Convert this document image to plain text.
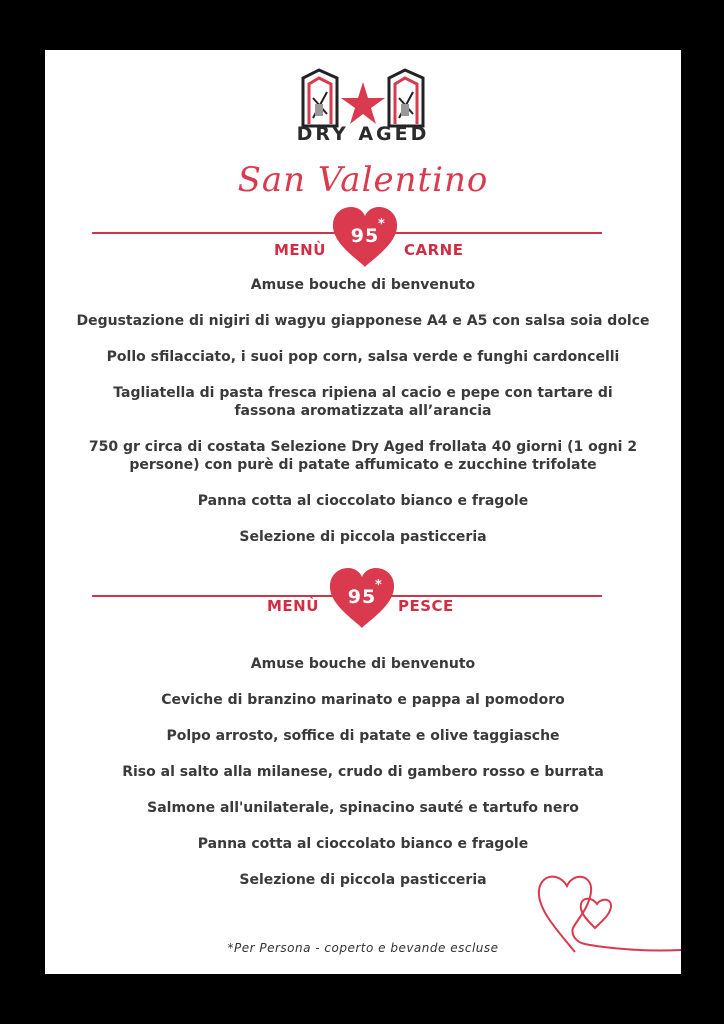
DRY AGED
San Valentino
MENÙ
95
*
CARNE
Amuse bouche di benvenuto
Degustazione di nigiri di wagyu giapponese A4 e A5 con salsa soia dolce
Pollo sfilacciato, i suoi pop corn, salsa verde e funghi cardoncelli
Tagliatella di pasta fresca ripiena al cacio e pepe con tartare di fassona aromatizzata all’arancia
750 gr circa di costata Selezione Dry Aged frollata 40 giorni (1 ogni 2 persone) con purè di patate affumicato e zucchine trifolate
Panna cotta al cioccolato bianco e fragole
Selezione di piccola pasticceria
MENÙ	95
*
PESCE
Amuse bouche di benvenuto
Ceviche di branzino marinato e pappa al pomodoro
Polpo arrosto, soffice di patate e olive taggiasche
Riso al salto alla milanese, crudo di gambero rosso e burrata
Salmone all'unilaterale, spinacino sauté e tartufo nero
Panna cotta al cioccolato bianco e fragole
Selezione di piccola pasticceria
*Per Persona - coperto e bevande escluse
